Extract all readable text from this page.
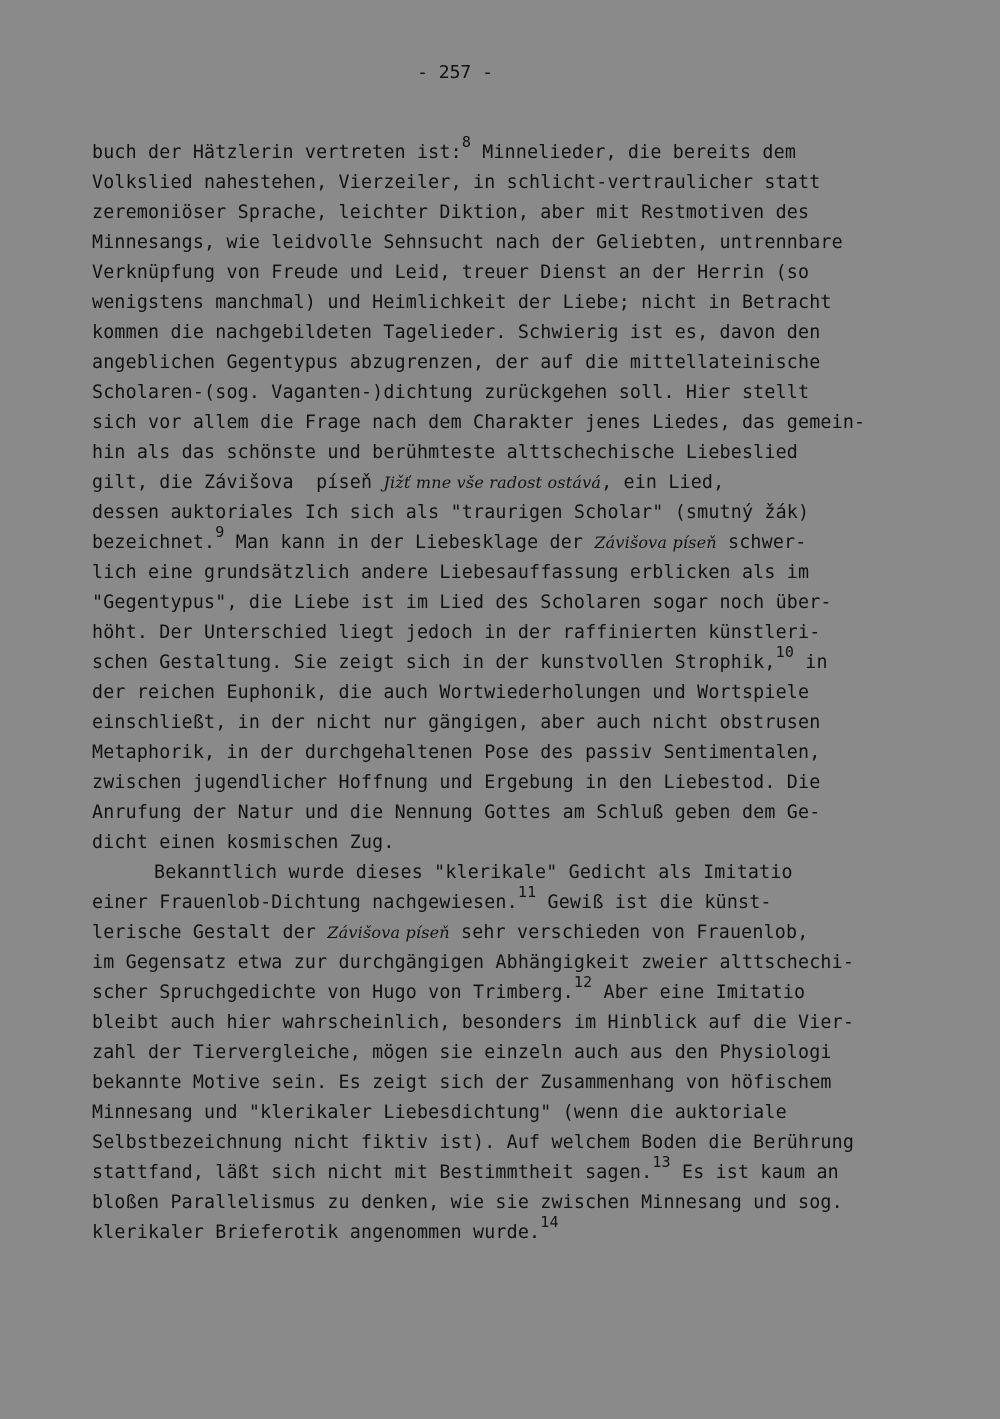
- 257 -
buch der Hätzlerin vertreten ist:$^8$ Minnelieder, die bereits dem
Volkslied nahestehen, Vierzeiler, in schlicht-vertraulicher statt
zeremoniöser Sprache, leichter Diktion, aber mit Restmotiven des
Minnesangs, wie leidvolle Sehnsucht nach der Geliebten, untrennbare
Verknüpfung von Freude und Leid, treuer Dienst an der Herrin (so
wenigstens manchmal) und Heimlichkeit der Liebe; nicht in Betracht
kommen die nachgebildeten Tagelieder. Schwierig ist es, davon den
angeblichen Gegentypus abzugrenzen, der auf die mittellateinische
Scholaren-(sog. Vaganten-)dichtung zurückgehen soll. Hier stellt
sich vor allem die Frage nach dem Charakter jenes Liedes, das gemein-
hin als das schönste und berühmteste alttschechische Liebeslied
gilt, die Závišova  píseň Jižť mne vše radost ostává, ein Lied,
dessen auktoriales Ich sich als "traurigen Scholar" (smutný žák)
bezeichnet.$^9$ Man kann in der Liebesklage der Závišova píseň schwer-
lich eine grundsätzlich andere Liebesauffassung erblicken als im
"Gegentypus", die Liebe ist im Lied des Scholaren sogar noch über-
höht. Der Unterschied liegt jedoch in der raffinierten künstleri-
schen Gestaltung. Sie zeigt sich in der kunstvollen Strophik,$^{10}$ in
der reichen Euphonik, die auch Wortwiederholungen und Wortspiele
einschließt, in der nicht nur gängigen, aber auch nicht obstrusen
Metaphorik, in der durchgehaltenen Pose des passiv Sentimentalen,
zwischen jugendlicher Hoffnung und Ergebung in den Liebestod. Die
Anrufung der Natur und die Nennung Gottes am Schluß geben dem Ge-
dicht einen kosmischen Zug.
Bekanntlich wurde dieses "klerikale" Gedicht als Imitatio
einer Frauenlob-Dichtung nachgewiesen.$^{11}$ Gewiß ist die künst-
lerische Gestalt der Závišova píseň sehr verschieden von Frauenlob,
im Gegensatz etwa zur durchgängigen Abhängigkeit zweier alttschechi-
scher Spruchgedichte von Hugo von Trimberg.$^{12}$ Aber eine Imitatio
bleibt auch hier wahrscheinlich, besonders im Hinblick auf die Vier-
zahl der Tiervergleiche, mögen sie einzeln auch aus den Physiologi
bekannte Motive sein. Es zeigt sich der Zusammenhang von höfischem
Minnesang und "klerikaler Liebesdichtung" (wenn die auktoriale
Selbstbezeichnung nicht fiktiv ist). Auf welchem Boden die Berührung
stattfand, läßt sich nicht mit Bestimmtheit sagen.$^{13}$ Es ist kaum an
bloßen Parallelismus zu denken, wie sie zwischen Minnesang und sog.
klerikaler Brieferotik angenommen wurde.$^{14}$
